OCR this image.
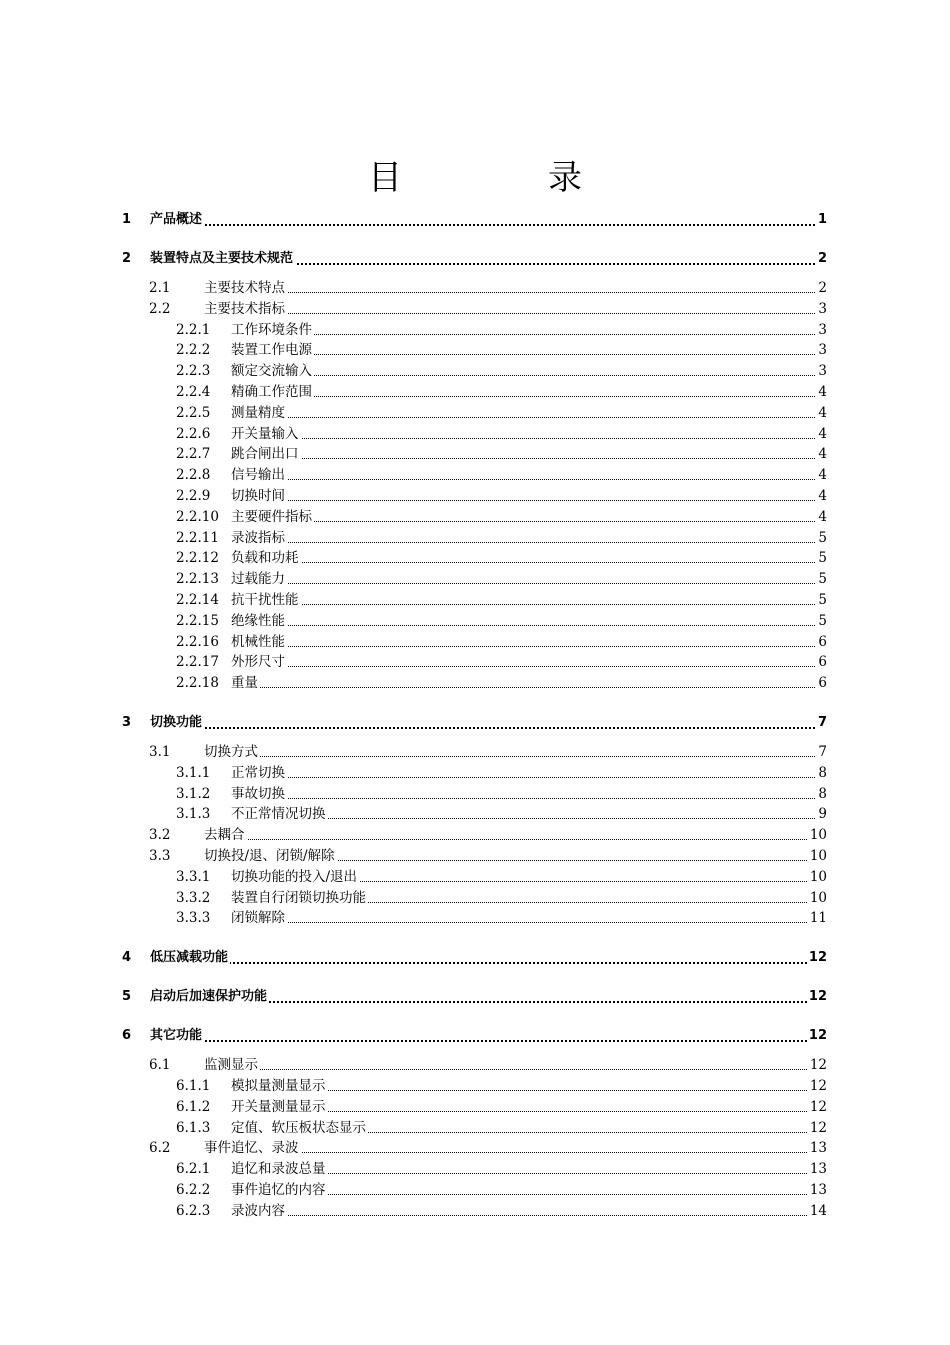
目　录
1 产品概述	1
2 装置特点及主要技术规范	2
2.1 主要技术特点	2
2.2 主要技术指标	3
2.2.1 工作环境条件	3
2.2.2 装置工作电源	3
2.2.3 额定交流输入	3
2.2.4 精确工作范围	4
2.2.5 测量精度	4
2.2.6 开关量输入	4
2.2.7 跳合闸出口	4
2.2.8 信号输出	4
2.2.9 切换时间	4
2.2.10 主要硬件指标	4
2.2.11 录波指标	5
2.2.12 负载和功耗	5
2.2.13 过载能力	5
2.2.14 抗干扰性能	5
2.2.15 绝缘性能	5
2.2.16 机械性能	6
2.2.17 外形尺寸	6
2.2.18 重量	6
3 切换功能	7
3.1 切换方式	7
3.1.1 正常切换	8
3.1.2 事故切换	8
3.1.3 不正常情况切换	9
3.2 去耦合	10
3.3 切换投/退、闭锁/解除	10
3.3.1 切换功能的投入/退出	10
3.3.2 装置自行闭锁切换功能	10
3.3.3 闭锁解除	11
4 低压减载功能	12
5 启动后加速保护功能	12
6 其它功能	12
6.1 监测显示	12
6.1.1 模拟量测量显示	12
6.1.2 开关量测量显示	12
6.1.3 定值、软压板状态显示	12
6.2 事件追忆、录波	13
6.2.1 追忆和录波总量	13
6.2.2 事件追忆的内容	13
6.2.3 录波内容	14
